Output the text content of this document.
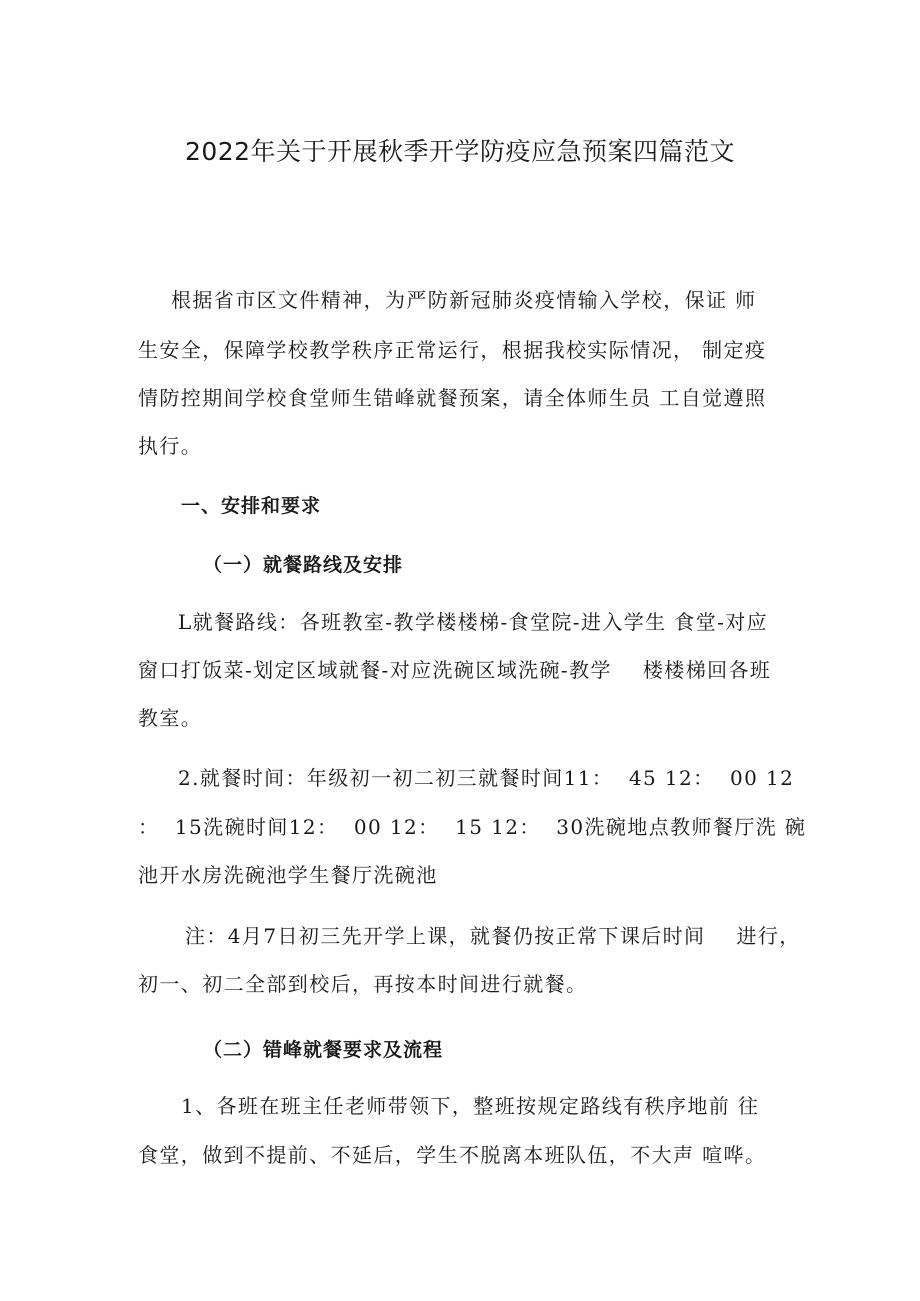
2022年关于开展秋季开学防疫应急预案四篇范文

根据省市区文件精神，为严防新冠肺炎疫情输入学校，保证 师

生安全，保障学校教学秩序正常运行，根据我校实际情况， 制定疫

情防控期间学校食堂师生错峰就餐预案，请全体师生员 工自觉遵照

执行。

一、安排和要求

（一）就餐路线及安排

L就餐路线：各班教室-教学楼楼梯-食堂院-进入学生 食堂-对应

窗口打饭菜-划定区域就餐-对应洗碗区域洗碗-教学    楼楼梯回各班

教室。

2.就餐时间：年级初一初二初三就餐时间11：  45 12：  00 12

：  15洗碗时间12：  00 12：  15 12：  30洗碗地点教师餐厅洗 碗

池开水房洗碗池学生餐厅洗碗池

注：4月7日初三先开学上课，就餐仍按正常下课后时间    进行，

初一、初二全部到校后，再按本时间进行就餐。

（二）错峰就餐要求及流程

1、各班在班主任老师带领下，整班按规定路线有秩序地前 往

食堂，做到不提前、不延后，学生不脱离本班队伍，不大声 喧哗。
